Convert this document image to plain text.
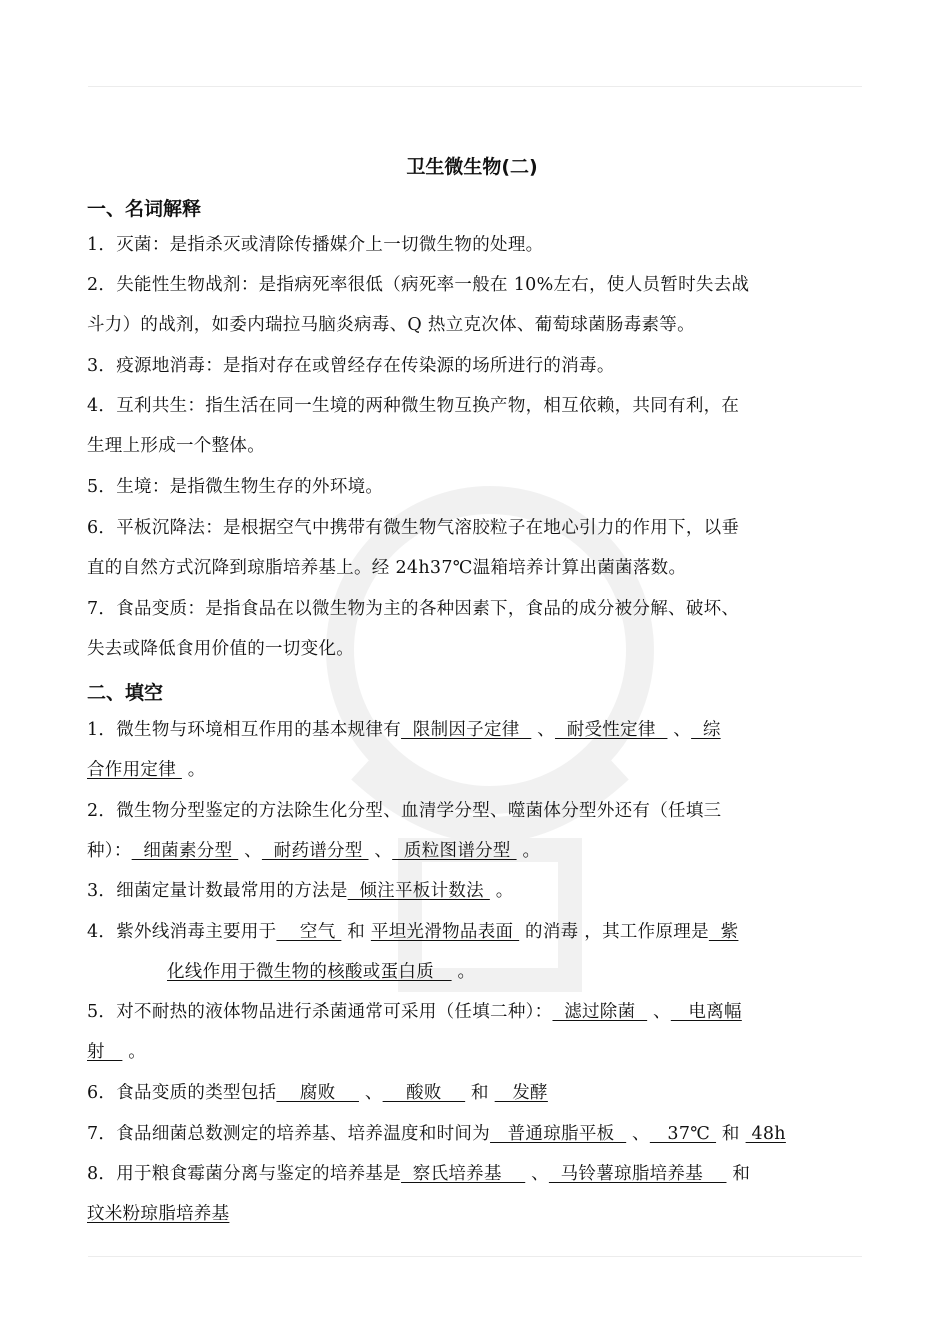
卫生微生物(二)
一、名词解释
1．灭菌：是指杀灭或清除传播媒介上一切微生物的处理。
2．失能性生物战剂：是指病死率很低（病死率一般在 10%左右，使人员暂时失去战
斗力）的战剂，如委内瑞拉马脑炎病毒、Q 热立克次体、葡萄球菌肠毒素等。
3．疫源地消毒：是指对存在或曾经存在传染源的场所进行的消毒。
4．互利共生：指生活在同一生境的两种微生物互换产物，相互依赖，共同有利，在
生理上形成一个整体。
5．生境：是指微生物生存的外环境。
6．平板沉降法：是根据空气中携带有微生物气溶胶粒子在地心引力的作用下，以垂
直的自然方式沉降到琼脂培养基上。经 24h37℃温箱培养计算出菌菌落数。
7．食品变质：是指食品在以微生物为主的各种因素下，食品的成分被分解、破坏、
失去或降低食用价值的一切变化。
二、填空
1．微生物与环境相互作用的基本规律有  限制因子定律   、  耐受性定律   、  综
合作用定律  。
2．微生物分型鉴定的方法除生化分型、血清学分型、噬菌体分型外还有（任填三
种）：  细菌素分型  、  耐药谱分型  、  质粒图谱分型  。
3．细菌定量计数最常用的方法是  倾注平板计数法  。
4．紫外线消毒主要用于    空气  和 平坦光滑物品表面  的消毒 ，其工作原理是  紫
化线作用于微生物的核酸或蛋白质    。
5．对不耐热的液体物品进行杀菌通常可采用（任填二种）：  滤过除菌   、   电离幅
射    。
6．食品变质的类型包括    腐败     、    酸败     和    发酵
7．食品细菌总数测定的培养基、培养温度和时间为   普通琼脂平板   、   37℃  和  48h
8．用于粮食霉菌分离与鉴定的培养基是  察氏培养基     、  马铃薯琼脂培养基     和
玟米粉琼脂培养基
